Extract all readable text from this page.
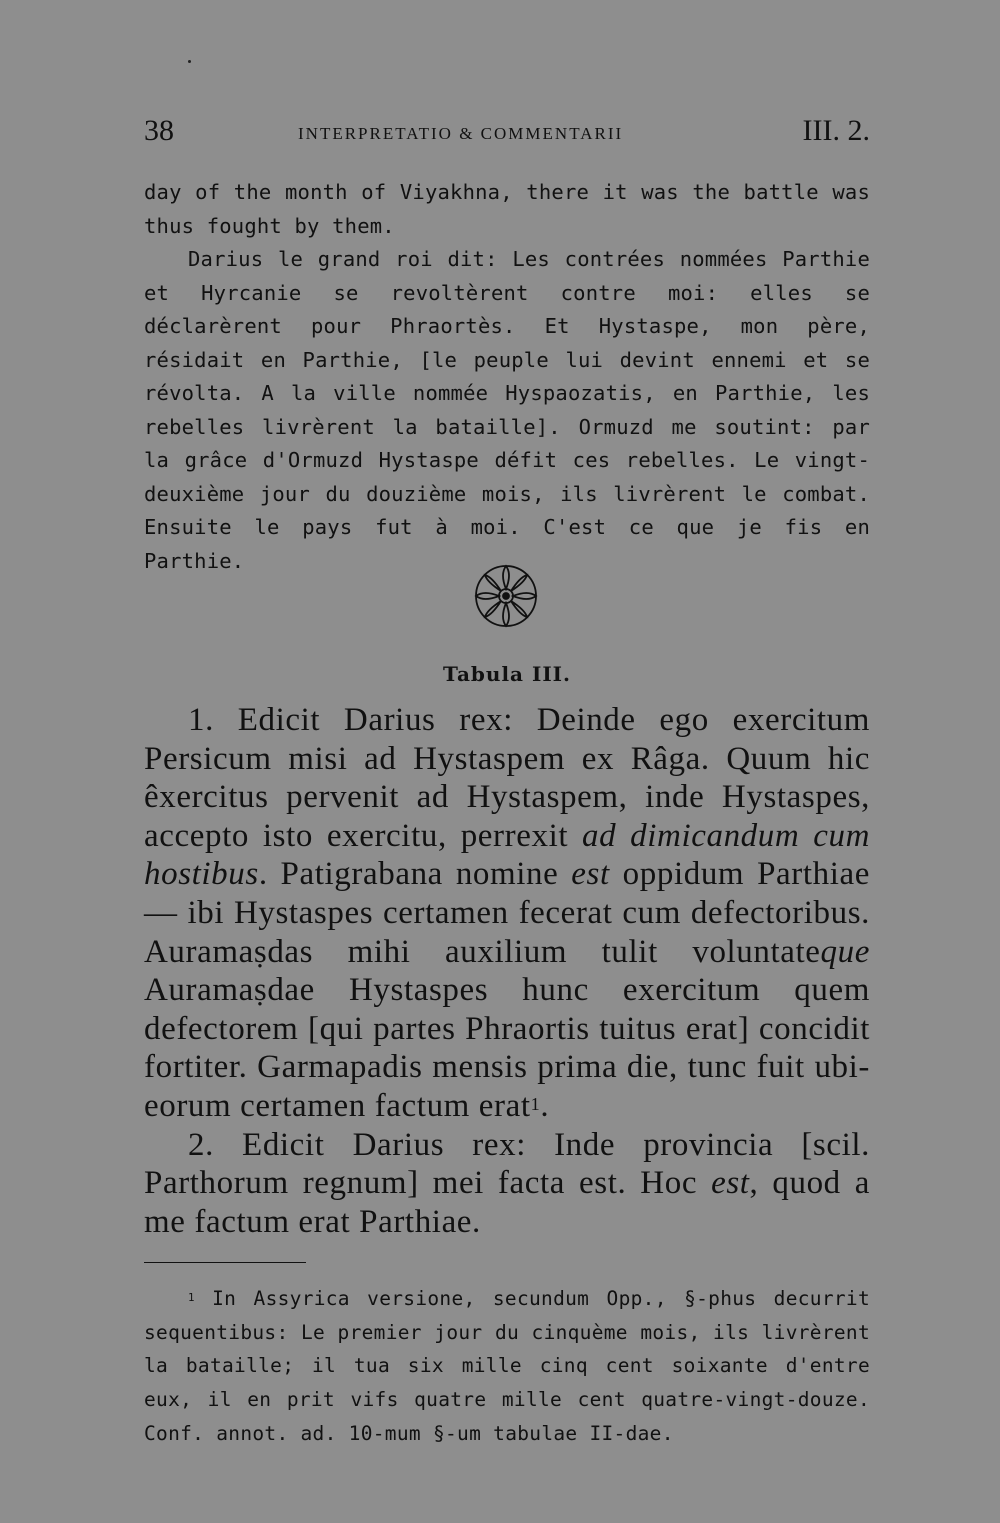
38	INTERPRETATIO & COMMENTARII	III. 2.

day of the month of Viyakhna, there it was the battle was thus fought by them.

Darius le grand roi dit: Les contrées nommées Parthie et Hyrcanie se revoltèrent contre moi: elles se déclarèrent pour Phraortès. Et Hystaspe, mon père, résidait en Parthie, [le peuple lui devint ennemi et se révolta. A la ville nommée Hyspaozatis, en Parthie, les rebelles livrèrent la bataille]. Ormuzd me soutint: par la grâce d'Ormuzd Hystaspe défit ces rebelles. Le vingt-deuxième jour du douzième mois, ils livrèrent le combat. Ensuite le pays fut à moi. C'est ce que je fis en Parthie.

Tabula III.

1. Edicit Darius rex: Deinde ego exercitum Persicum misi ad Hystaspem ex Râga. Quum hic êxercitus pervenit ad Hystaspem, inde Hystaspes, accepto isto exercitu, perrexit ad dimicandum cum hostibus. Patigrabana nomine est oppidum Parthiae — ibi Hystaspes certamen fecerat cum defectoribus. Auramaṣdas mihi auxilium tulit voluntateque Auramaṣdae Hystaspes hunc exercitum quem defectorem [qui partes Phraortis tuitus erat] concidit fortiter. Garmapadis mensis prima die, tunc fuit ubi-eorum certamen factum erat$^1$.

2. Edicit Darius rex: Inde provincia [scil. Parthorum regnum] mei facta est. Hoc est, quod a me factum erat Parthiae.

$^1$ In Assyrica versione, secundum Opp., §-phus decurrit sequentibus: Le premier jour du cinquème mois, ils livrèrent la bataille; il tua six mille cinq cent soixante d'entre eux, il en prit vifs quatre mille cent quatre-vingt-douze. Conf. annot. ad. 10-mum §-um tabulae II-dae.
